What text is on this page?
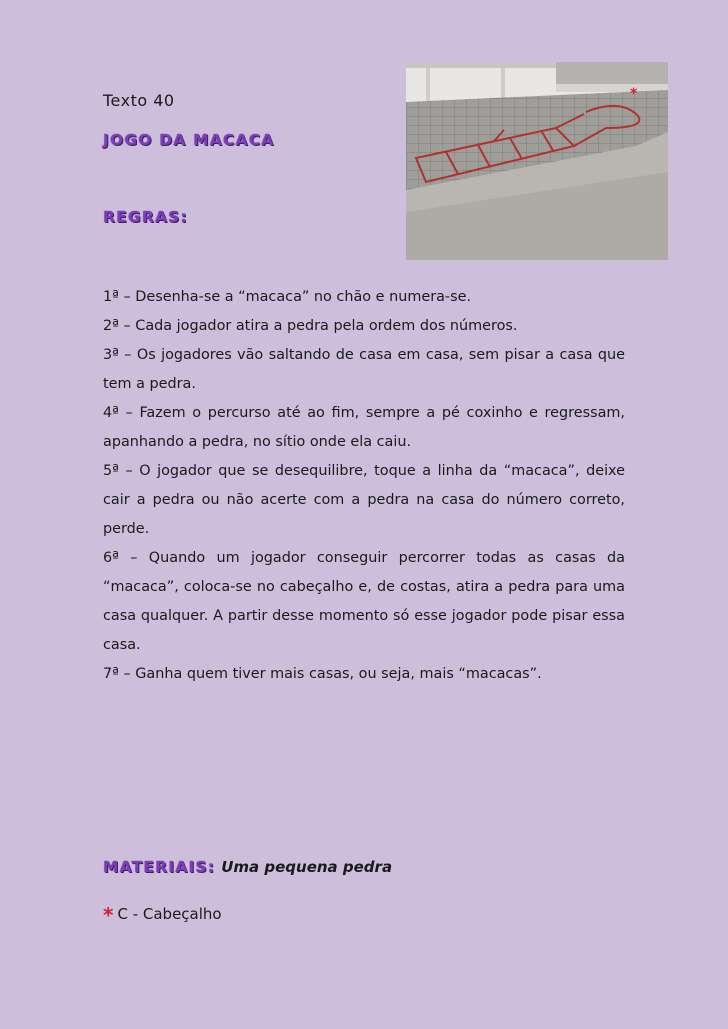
Texto 40
JOGO DA MACACA
REGRAS:
*
1ª – Desenha-se a “macaca” no chão e numera-se.
2ª – Cada jogador atira a pedra pela ordem dos números.
3ª – Os jogadores vão saltando de casa em casa, sem pisar a casa que tem a pedra.
4ª – Fazem o percurso até ao fim, sempre a pé coxinho e regressam, apanhando a pedra, no sítio onde ela caiu.
5ª – O jogador que se desequilibre, toque a linha da “macaca”, deixe cair a pedra ou não acerte com a pedra na casa do número correto, perde.
6ª – Quando um jogador conseguir percorrer todas as casas da “macaca”, coloca-se no cabeçalho e, de costas, atira a pedra para uma casa qualquer. A partir desse momento só esse jogador pode pisar essa casa.
7ª – Ganha quem tiver mais casas, ou seja, mais “macacas”.
MATERIAIS: Uma pequena pedra
* C - Cabeçalho
